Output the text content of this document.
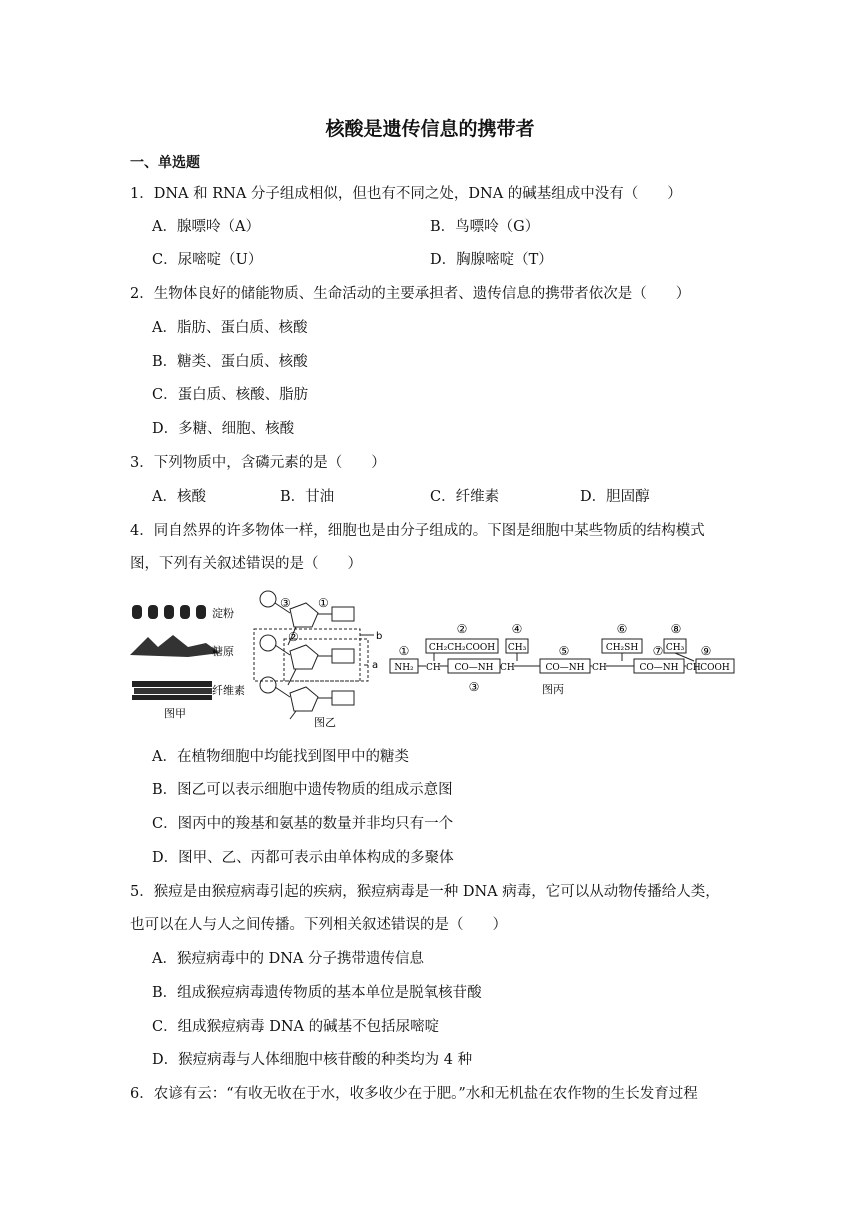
核酸是遗传信息的携带者
一、单选题
1．DNA 和 RNA 分子组成相似，但也有不同之处，DNA 的碱基组成中没有（　　）
A．腺嘌呤（A）	B．鸟嘌呤（G）
C．尿嘧啶（U）	D．胸腺嘧啶（T）
2．生物体良好的储能物质、生命活动的主要承担者、遗传信息的携带者依次是（　　）
A．脂肪、蛋白质、核酸
B．糖类、蛋白质、核酸
C．蛋白质、核酸、脂肪
D．多糖、细胞、核酸
3．下列物质中，含磷元素的是（　　）
A．核酸	B．甘油	C．纤维素	D．胆固醇
4．同自然界的许多物体一样，细胞也是由分子组成的。下图是细胞中某些物质的结构模式
图，下列有关叙述错误的是（　　）
淀粉
糖原
纤维素
图甲
③ ①
②	b
a
图乙
NH₂
CH₂CH₂COOH
CO—NH
CH₃
CO—NH
CH₂SH
CO—NH
CH₃
COOH
①
②
③
④
⑤
⑥
⑦
⑧
⑨
CH	CH	CH	CH
图丙
A．在植物细胞中均能找到图甲中的糖类
B．图乙可以表示细胞中遗传物质的组成示意图
C．图丙中的羧基和氨基的数量并非均只有一个
D．图甲、乙、丙都可表示由单体构成的多聚体
5．猴痘是由猴痘病毒引起的疾病，猴痘病毒是一种 DNA 病毒，它可以从动物传播给人类，
也可以在人与人之间传播。下列相关叙述错误的是（　　）
A．猴痘病毒中的 DNA 分子携带遗传信息
B．组成猴痘病毒遗传物质的基本单位是脱氧核苷酸
C．组成猴痘病毒 DNA 的碱基不包括尿嘧啶
D．猴痘病毒与人体细胞中核苷酸的种类均为 4 种
6．农谚有云：“有收无收在于水，收多收少在于肥。”水和无机盐在农作物的生长发育过程
